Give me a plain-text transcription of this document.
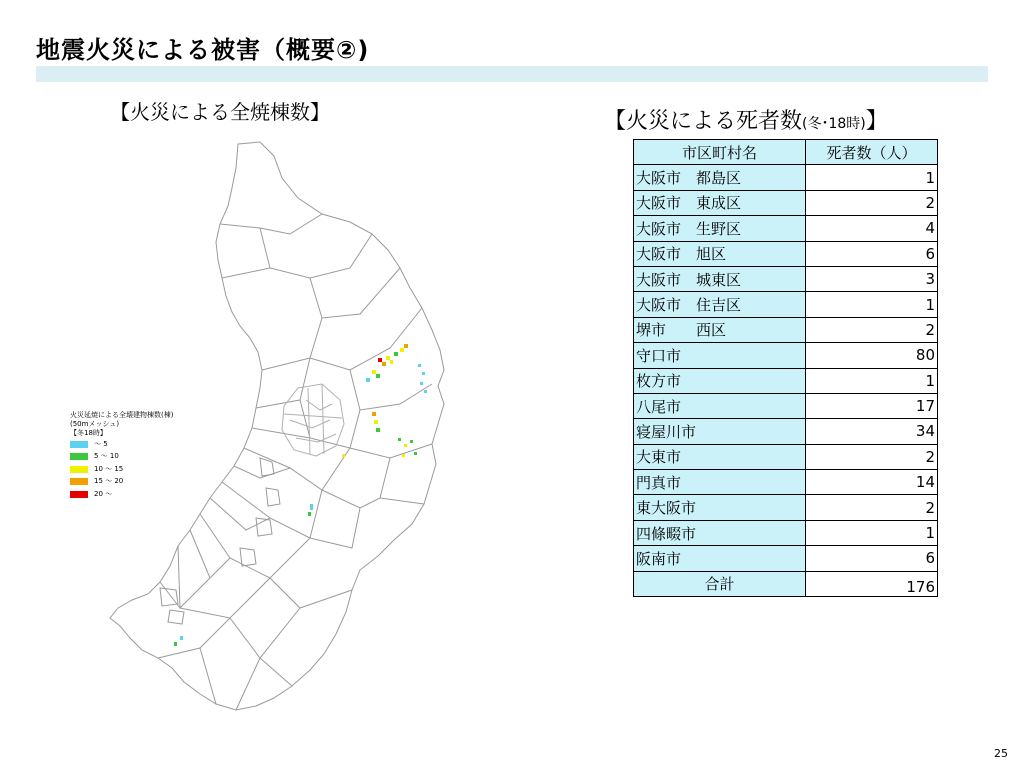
地震火災による被害（概要②)
【火災による全焼棟数】	【火災による死者数(冬･18時)】
火災延焼による全壊建物棟数(棟)
(50mメッシュ)
【冬18時】
～ 5
5 ～ 10
10 ～ 15
15 ～ 20
20 ～
市区町村名	死者数（人）
大阪市　都島区	1
大阪市　東成区	2
大阪市　生野区	4
大阪市　旭区	6
大阪市　城東区	3
大阪市　住吉区	1
堺市　　西区	2
守口市	80
枚方市	1
八尾市	17
寝屋川市	34
大東市	2
門真市	14
東大阪市	2
四條畷市	1
阪南市	6
合計	176
25
